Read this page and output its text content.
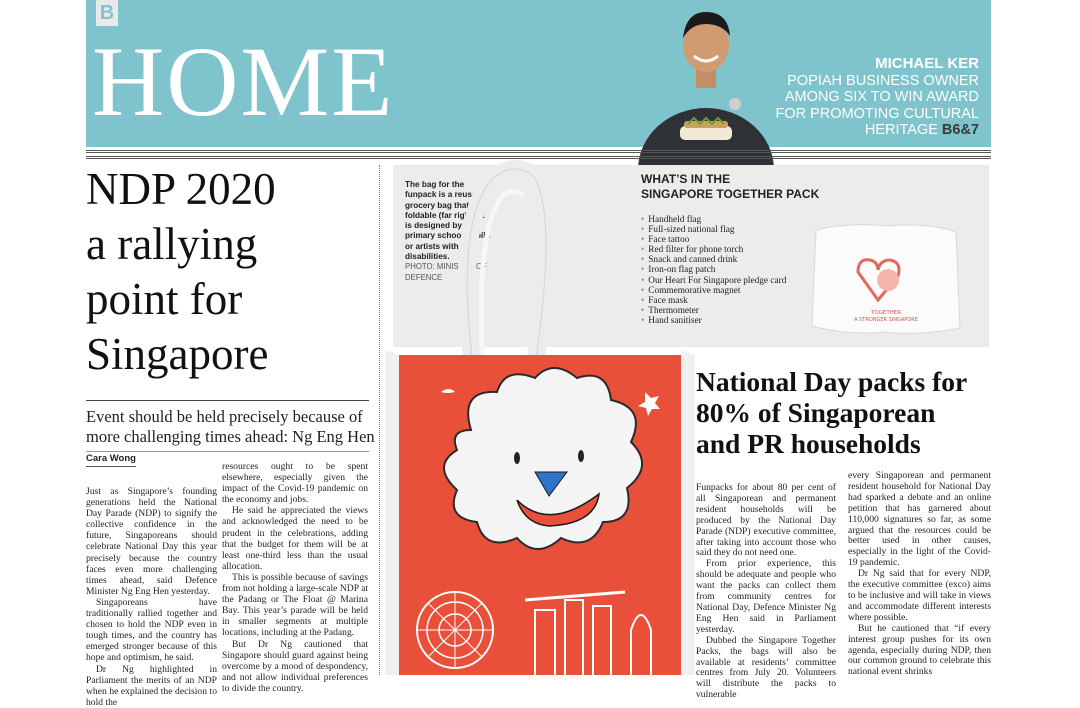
B
HOME	MICHAEL KER
POPIAH BUSINESS OWNER
AMONG SIX TO WIN AWARD
FOR PROMOTING CULTURAL
HERITAGE B6&7
NDP 2020
a rallying
point for
Singapore
Event should be held precisely because of more challenging times ahead: Ng Eng Hen
Cara Wong

Just as Singapore’s founding generations held the National Day Parade (NDP) to signify the collective confidence in the future, Singaporeans should celebrate National Day this year precisely because the country faces even more challenging times ahead, said Defence Minister Ng Eng Hen yesterday.

Singaporeans have traditionally rallied together and chosen to hold the NDP even in tough times, and the country has emerged stronger because of this hope and optimism, he said.

Dr Ng highlighted in Parliament the merits of an NDP when he explained the decision to hold the

resources ought to be spent elsewhere, especially given the impact of the Covid-19 pandemic on the economy and jobs.

He said he appreciated the views and acknowledged the need to be prudent in the celebrations, adding that the budget for them will be at least one-third less than the usual allocation.

This is possible because of savings from not holding a large-scale NDP at the Padang or The Float @ Marina Bay. This year’s parade will be held in smaller segments at multiple locations, including at the Padang.

But Dr Ng cautioned that Singapore should guard against being overcome by a mood of despondency, and not allow individual preferences to divide the country.

The bag for the funpack is a reusable grocery bag that is foldable (far right). It is designed by primary school pupils or artists with disabilities.
PHOTO: MINISTRY OF DEFENCE
WHAT’S IN THE
SINGAPORE TOGETHER PACK
• Handheld flag
• Full-sized national flag
• Face tattoo
• Red filter for phone torch
• Snack and canned drink
• Iron-on flag patch
• Our Heart For Singapore pledge card
• Commemorative magnet
• Face mask
• Thermometer
• Hand sanitiser
TOGETHER
A STRONGER SINGAPORE
National Day packs for
80% of Singaporean
and PR households

Funpacks for about 80 per cent of all Singaporean and permanent resident households will be produced by the National Day Parade (NDP) executive committee, after taking into account those who said they do not need one.

From prior experience, this should be adequate and people who want the packs can collect them from community centres for National Day, Defence Minister Ng Eng Hen said in Parliament yesterday.

Dubbed the Singapore Together Packs, the bags will also be available at residents’ committee centres from July 20. Volunteers will distribute the packs to vulnerable

every Singaporean and permanent resident household for National Day had sparked a debate and an online petition that has garnered about 110,000 signatures so far, as some argued that the resources could be better used in other causes, especially in the light of the Covid-19 pandemic.

Dr Ng said that for every NDP, the executive committee (exco) aims to be inclusive and will take in views and accommodate different interests where possible.

But he cautioned that “if every interest group pushes for its own agenda, especially during NDP, then our common ground to celebrate this national event shrinks
